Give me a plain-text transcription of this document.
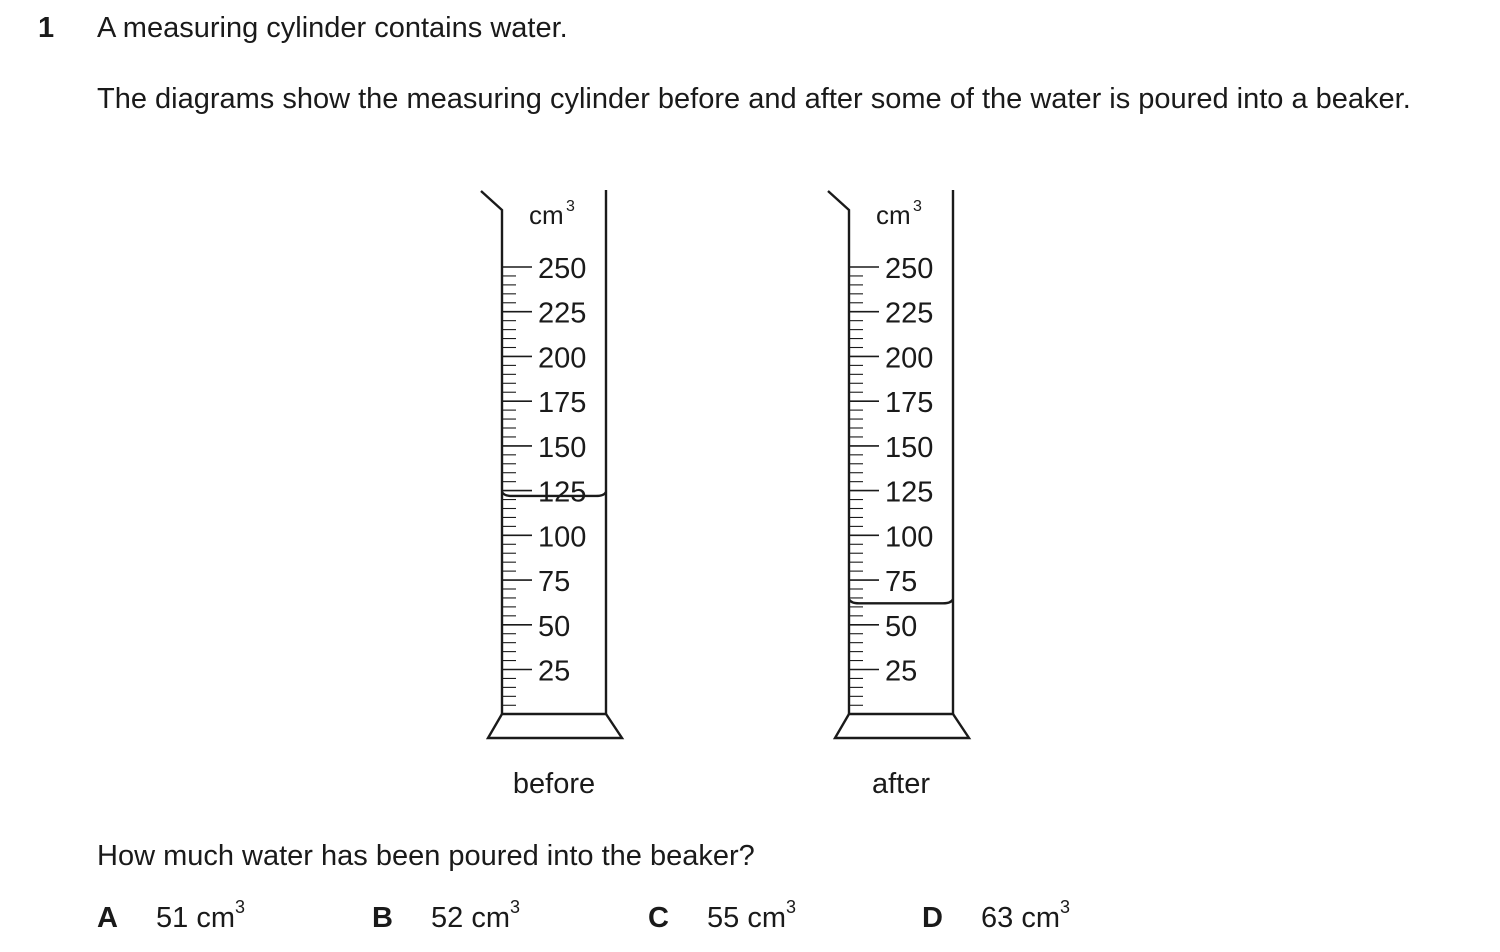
1 A measuring cylinder contains water.
The diagrams show the measuring cylinder before and after some of the water is poured into a beaker.
250
225
200
175
150
125
100
75
50
25
cm 3
before
250
225
200
175
150
125
100
75
50
25
cm 3
after
How much water has been poured into the beaker?
A 51 $cm^3$	B 52 $cm^3$	C 55 $cm^3$	D 63 $cm^3$
